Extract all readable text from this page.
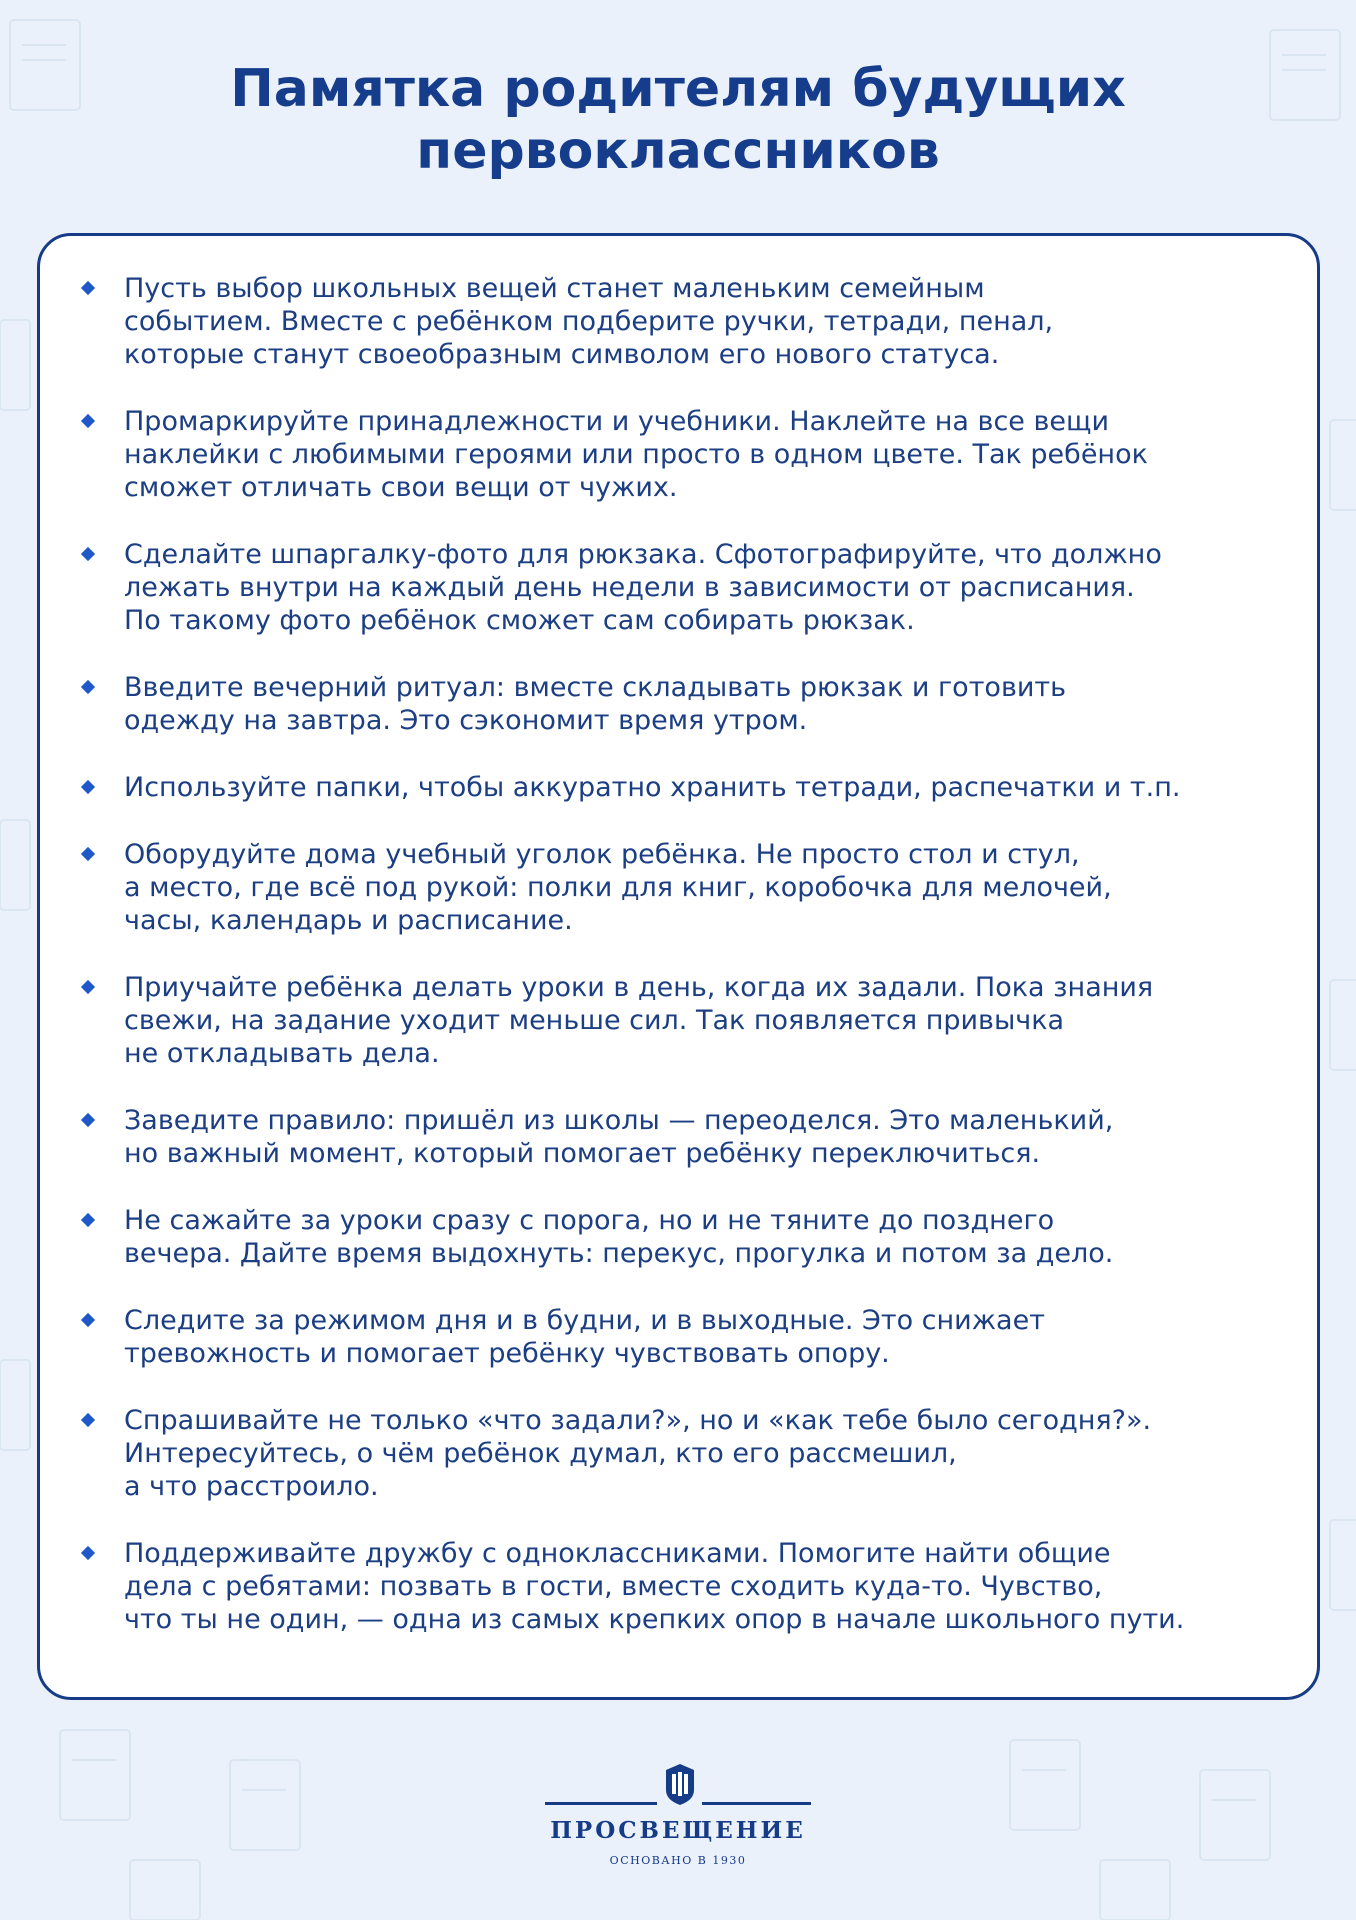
Памятка родителям будущих
первоклассников
Пусть выбор школьных вещей станет маленьким семейным
событием. Вместе с ребёнком подберите ручки, тетради, пенал,
которые станут своеобразным символом его нового статуса.
Промаркируйте принадлежности и учебники. Наклейте на все вещи
наклейки с любимыми героями или просто в одном цвете. Так ребёнок
сможет отличать свои вещи от чужих.
Сделайте шпаргалку-фото для рюкзака. Сфотографируйте, что должно
лежать внутри на каждый день недели в зависимости от расписания.
По такому фото ребёнок сможет сам собирать рюкзак.
Введите вечерний ритуал: вместе складывать рюкзак и готовить
одежду на завтра. Это сэкономит время утром.
Используйте папки, чтобы аккуратно хранить тетради, распечатки и т.п.
Оборудуйте дома учебный уголок ребёнка. Не просто стол и стул,
а место, где всё под рукой: полки для книг, коробочка для мелочей,
часы, календарь и расписание.
Приучайте ребёнка делать уроки в день, когда их задали. Пока знания
свежи, на задание уходит меньше сил. Так появляется привычка
не откладывать дела.
Заведите правило: пришёл из школы — переоделся. Это маленький,
но важный момент, который помогает ребёнку переключиться.
Не сажайте за уроки сразу с порога, но и не тяните до позднего
вечера. Дайте время выдохнуть: перекус, прогулка и потом за дело.
Следите за режимом дня и в будни, и в выходные. Это снижает
тревожность и помогает ребёнку чувствовать опору.
Спрашивайте не только «что задали?», но и «как тебе было сегодня?».
Интересуйтесь, о чём ребёнок думал, кто его рассмешил,
а что расстроило.
Поддерживайте дружбу с одноклассниками. Помогите найти общие
дела с ребятами: позвать в гости, вместе сходить куда-то. Чувство,
что ты не один, — одна из самых крепких опор в начале школьного пути.
ПРОСВЕЩЕНИЕ
ОСНОВАНО В 1930
